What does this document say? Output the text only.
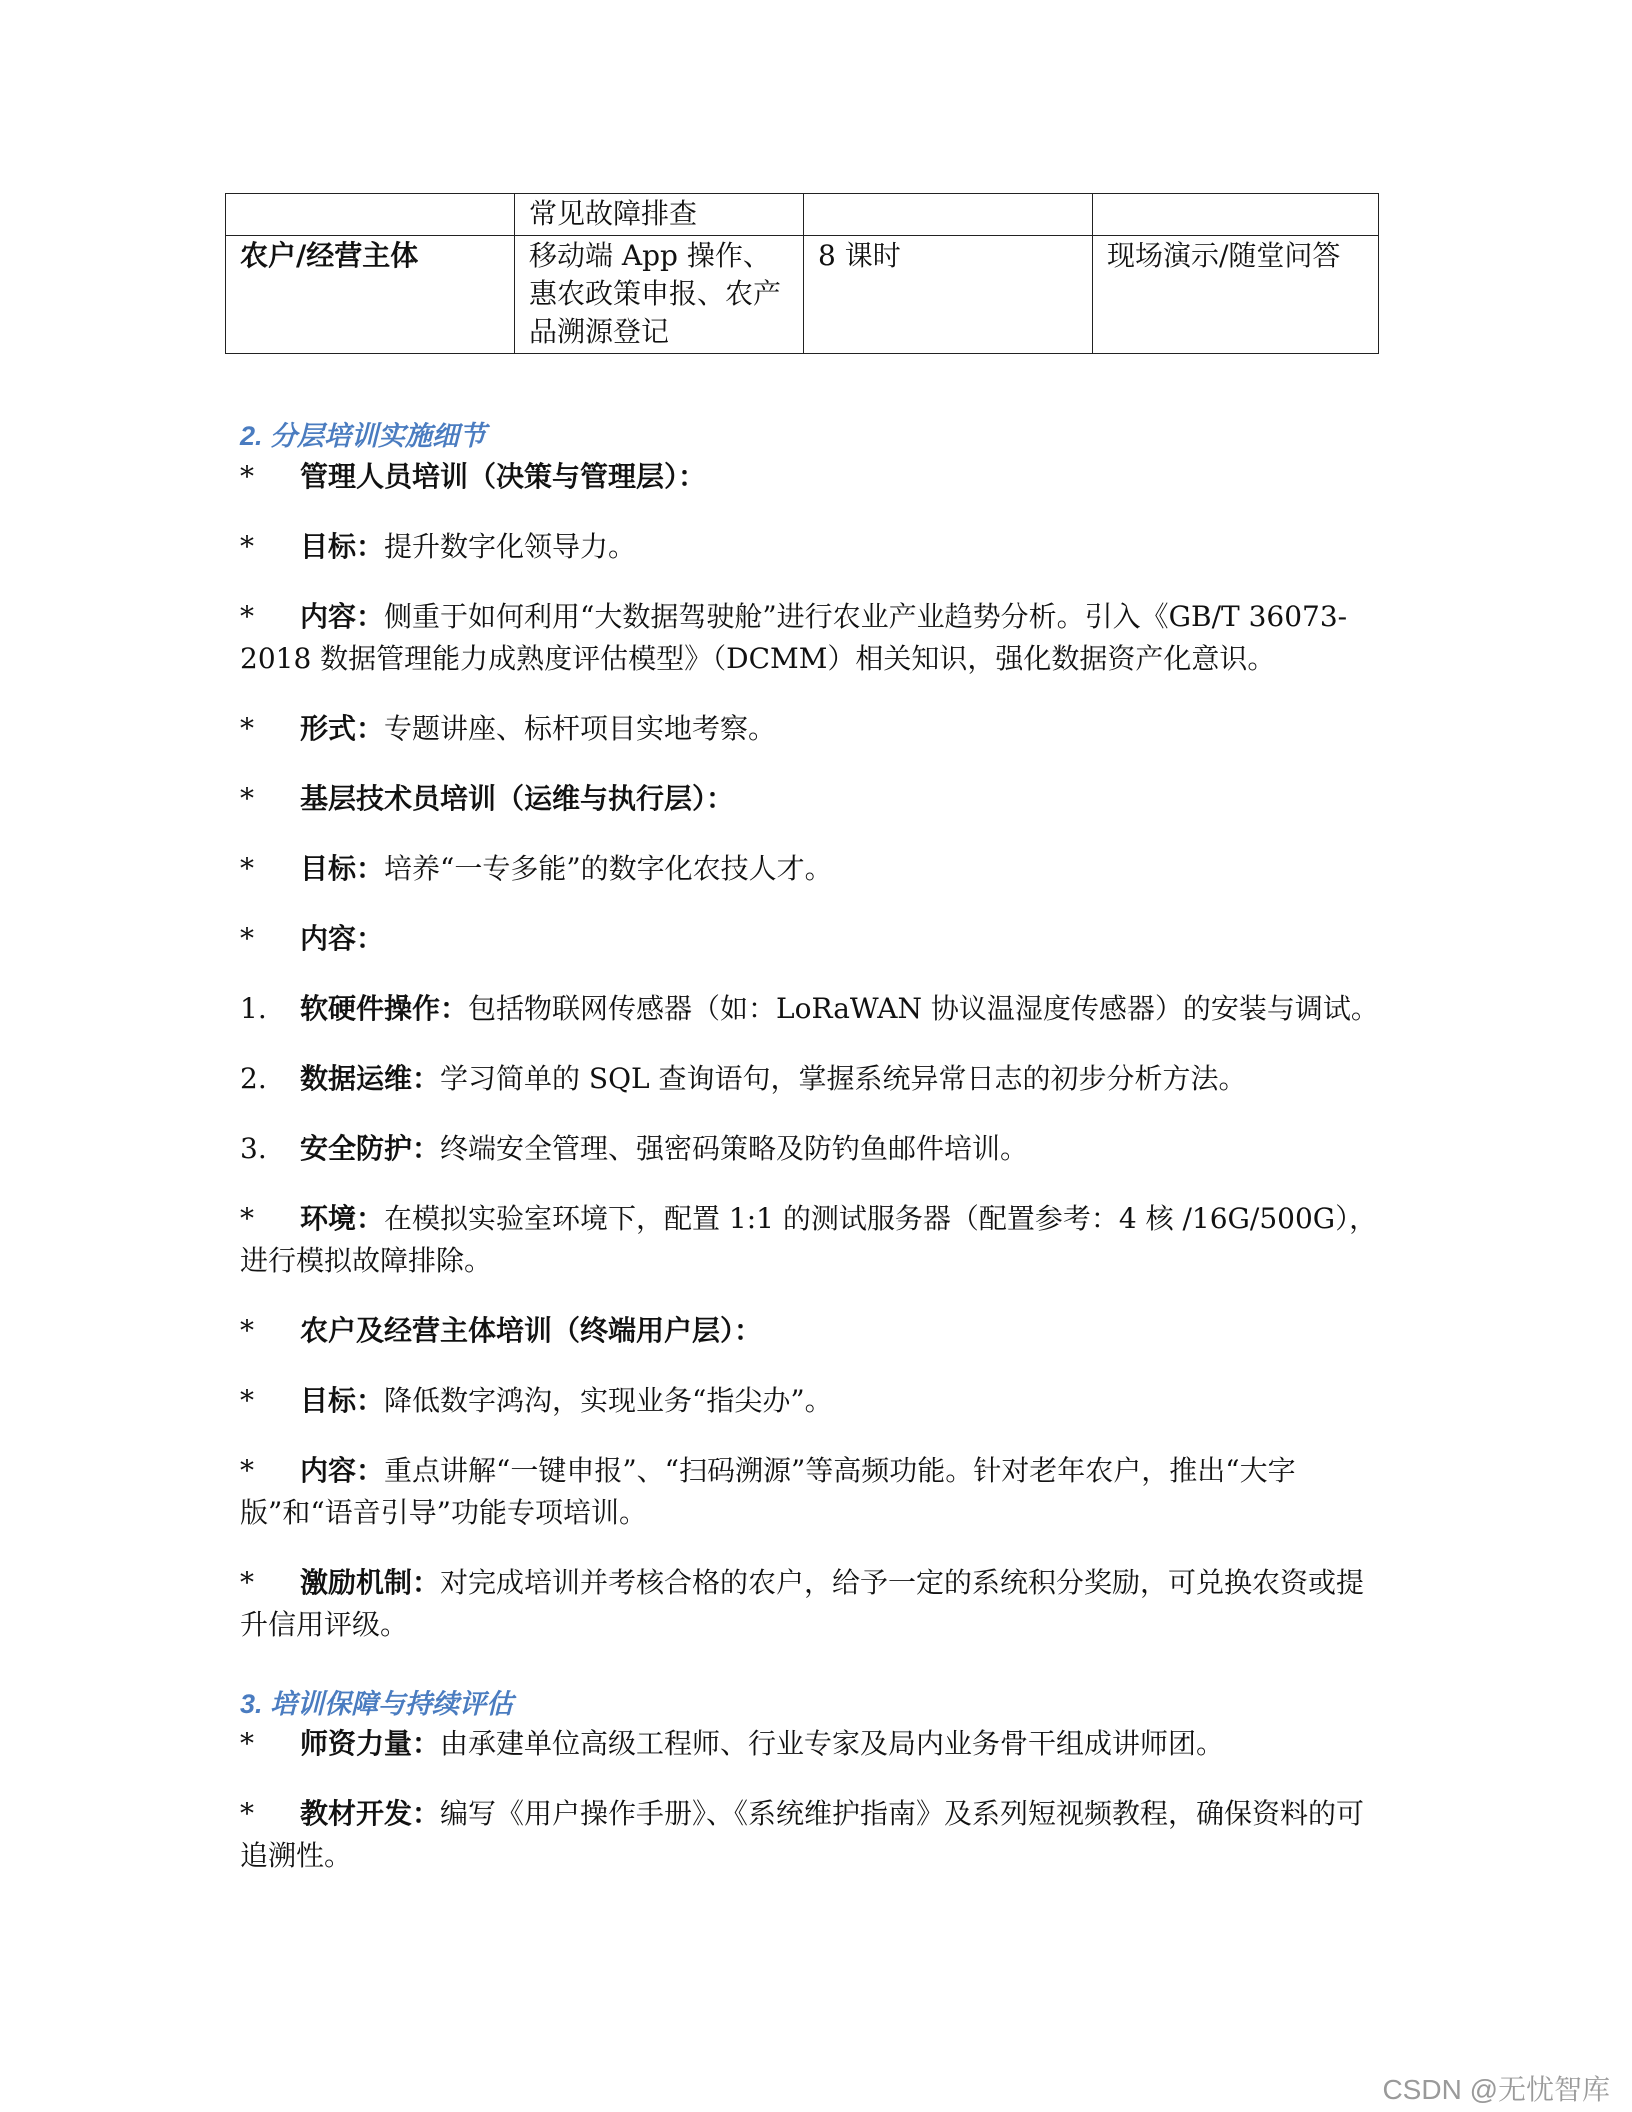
	常见故障排查		
农户/经营主体	移动端 App 操作、惠农政策申报、农产品溯源登记	8 课时	现场演示/随堂问答
2. 分层培训实施细节
* 管理人员培训（决策与管理层）：
* 目标：提升数字化领导力。
* 内容：侧重于如何利用“大数据驾驶舱”进行农业产业趋势分析。引入《GB/T 36073-2018 数据管理能力成熟度评估模型》（DCMM）相关知识，强化数据资产化意识。
* 形式：专题讲座、标杆项目实地考察。
* 基层技术员培训（运维与执行层）：
* 目标：培养“一专多能”的数字化农技人才。
* 内容：
1. 软硬件操作：包括物联网传感器（如：LoRaWAN 协议温湿度传感器）的安装与调试。
2. 数据运维：学习简单的 SQL 查询语句，掌握系统异常日志的初步分析方法。
3. 安全防护：终端安全管理、强密码策略及防钓鱼邮件培训。
* 环境：在模拟实验室环境下，配置 1:1 的测试服务器（配置参考：4 核 /16G/500G），进行模拟故障排除。
* 农户及经营主体培训（终端用户层）：
* 目标：降低数字鸿沟，实现业务“指尖办”。
* 内容：重点讲解“一键申报”、“扫码溯源”等高频功能。针对老年农户，推出“大字版”和“语音引导”功能专项培训。
* 激励机制：对完成培训并考核合格的农户，给予一定的系统积分奖励，可兑换农资或提升信用评级。
3. 培训保障与持续评估
* 师资力量：由承建单位高级工程师、行业专家及局内业务骨干组成讲师团。
* 教材开发：编写《用户操作手册》、《系统维护指南》及系列短视频教程，确保资料的可追溯性。
CSDN @无忧智库
